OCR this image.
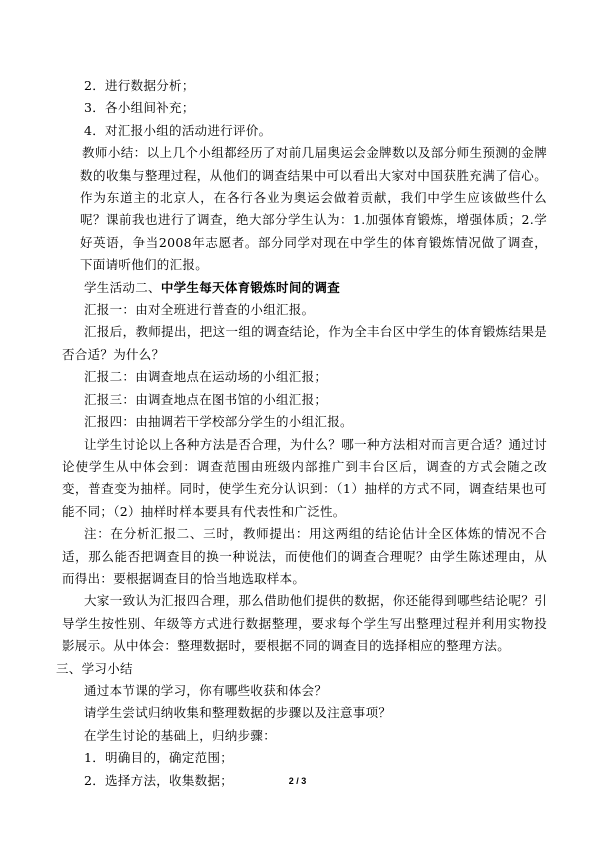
2．进行数据分析；

3．各小组间补充；

4．对汇报小组的活动进行评价。

教师小结：以上几个小组都经历了对前几届奥运会金牌数以及部分师生预测的金牌数的收集与整理过程，从他们的调查结果中可以看出大家对中国获胜充满了信心。作为东道主的北京人，在各行各业为奥运会做着贡献，我们中学生应该做些什么呢？课前我也进行了调查，绝大部分学生认为：1.加强体育锻炼，增强体质；2.学好英语，争当2008年志愿者。部分同学对现在中学生的体育锻炼情况做了调查，下面请听他们的汇报。

学生活动二、中学生每天体育锻炼时间的调查

汇报一：由对全班进行普查的小组汇报。

汇报后，教师提出，把这一组的调查结论，作为全丰台区中学生的体育锻炼结果是否合适？为什么？

汇报二：由调查地点在运动场的小组汇报；

汇报三：由调查地点在图书馆的小组汇报；

汇报四：由抽调若干学校部分学生的小组汇报。

让学生讨论以上各种方法是否合理，为什么？哪一种方法相对而言更合适？通过讨论使学生从中体会到：调查范围由班级内部推广到丰台区后，调查的方式会随之改变，普查变为抽样。同时，使学生充分认识到：（1）抽样的方式不同，调查结果也可能不同；（2）抽样时样本要具有代表性和广泛性。

注：在分析汇报二、三时，教师提出：用这两组的结论估计全区体炼的情况不合适，那么能否把调查目的换一种说法，而使他们的调查合理呢？由学生陈述理由，从而得出：要根据调查目的恰当地选取样本。

大家一致认为汇报四合理，那么借助他们提供的数据，你还能得到哪些结论呢？引导学生按性别、年级等方式进行数据整理，要求每个学生写出整理过程并利用实物投影展示。从中体会：整理数据时，要根据不同的调查目的选择相应的整理方法。

三、学习小结

通过本节课的学习，你有哪些收获和体会？

请学生尝试归纳收集和整理数据的步骤以及注意事项？

在学生讨论的基础上，归纳步骤：

1．明确目的，确定范围；

2．选择方法，收集数据；	2 / 3
